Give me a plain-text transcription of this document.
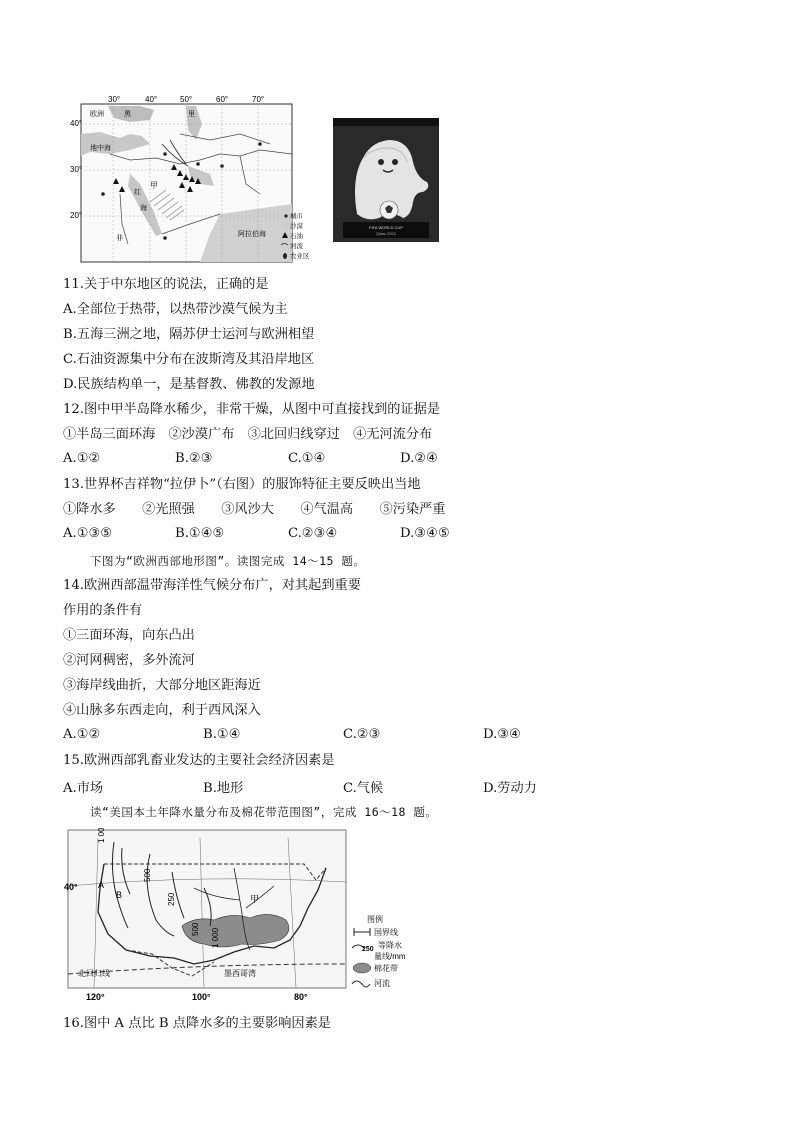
30°	40°	50°	60°	70°
40°
30°
20°
欧洲	黑
地中海
里
甲
红
非
海
阿拉伯海
城市
沙漠
石油
河流
农业区
FIFA WORLD CUP
Qatar 2022
11.关于中东地区的说法，正确的是
A.全部位于热带，以热带沙漠气候为主
B.五海三洲之地，隔苏伊士运河与欧洲相望
C.石油资源集中分布在波斯湾及其沿岸地区
D.民族结构单一，是基督教、佛教的发源地
12.图中甲半岛降水稀少，非常干燥，从图中可直接找到的证据是
①半岛三面环海　②沙漠广布　③北回归线穿过　④无河流分布
A.①②	B.②③	C.①④	D.②④
13.世界杯吉祥物“拉伊卜”（右图）的服饰特征主要反映出当地
①降水多　　②光照强　　③风沙大　　④气温高　　⑤污染严重
A.①③⑤	B.①④⑤	C.②③④	D.③④⑤
下图为“欧洲西部地形图”。读图完成 14～15 题。
14.欧洲西部温带海洋性气候分布广，对其起到重要
作用的条件有
①三面环海，向东凸出
②河网稠密，多外流河
③海岸线曲折，大部分地区距海近
④山脉多东西走向，利于西风深入
A.①②	B.①④	C.②③	D.③④
15.欧洲西部乳畜业发达的主要社会经济因素是
A.市场	B.地形	C.气候	D.劳动力
读“美国本土年降水量分布及棉花带范围图”，完成 16～18 题。
1 000
500
250
500 1 000
A
B	甲
40°
北回归线	墨西哥湾
120°	100°	80°
图例
国界线
250 等降水
量线/mm
棉花带
河流
16.图中 A 点比 B 点降水多的主要影响因素是
